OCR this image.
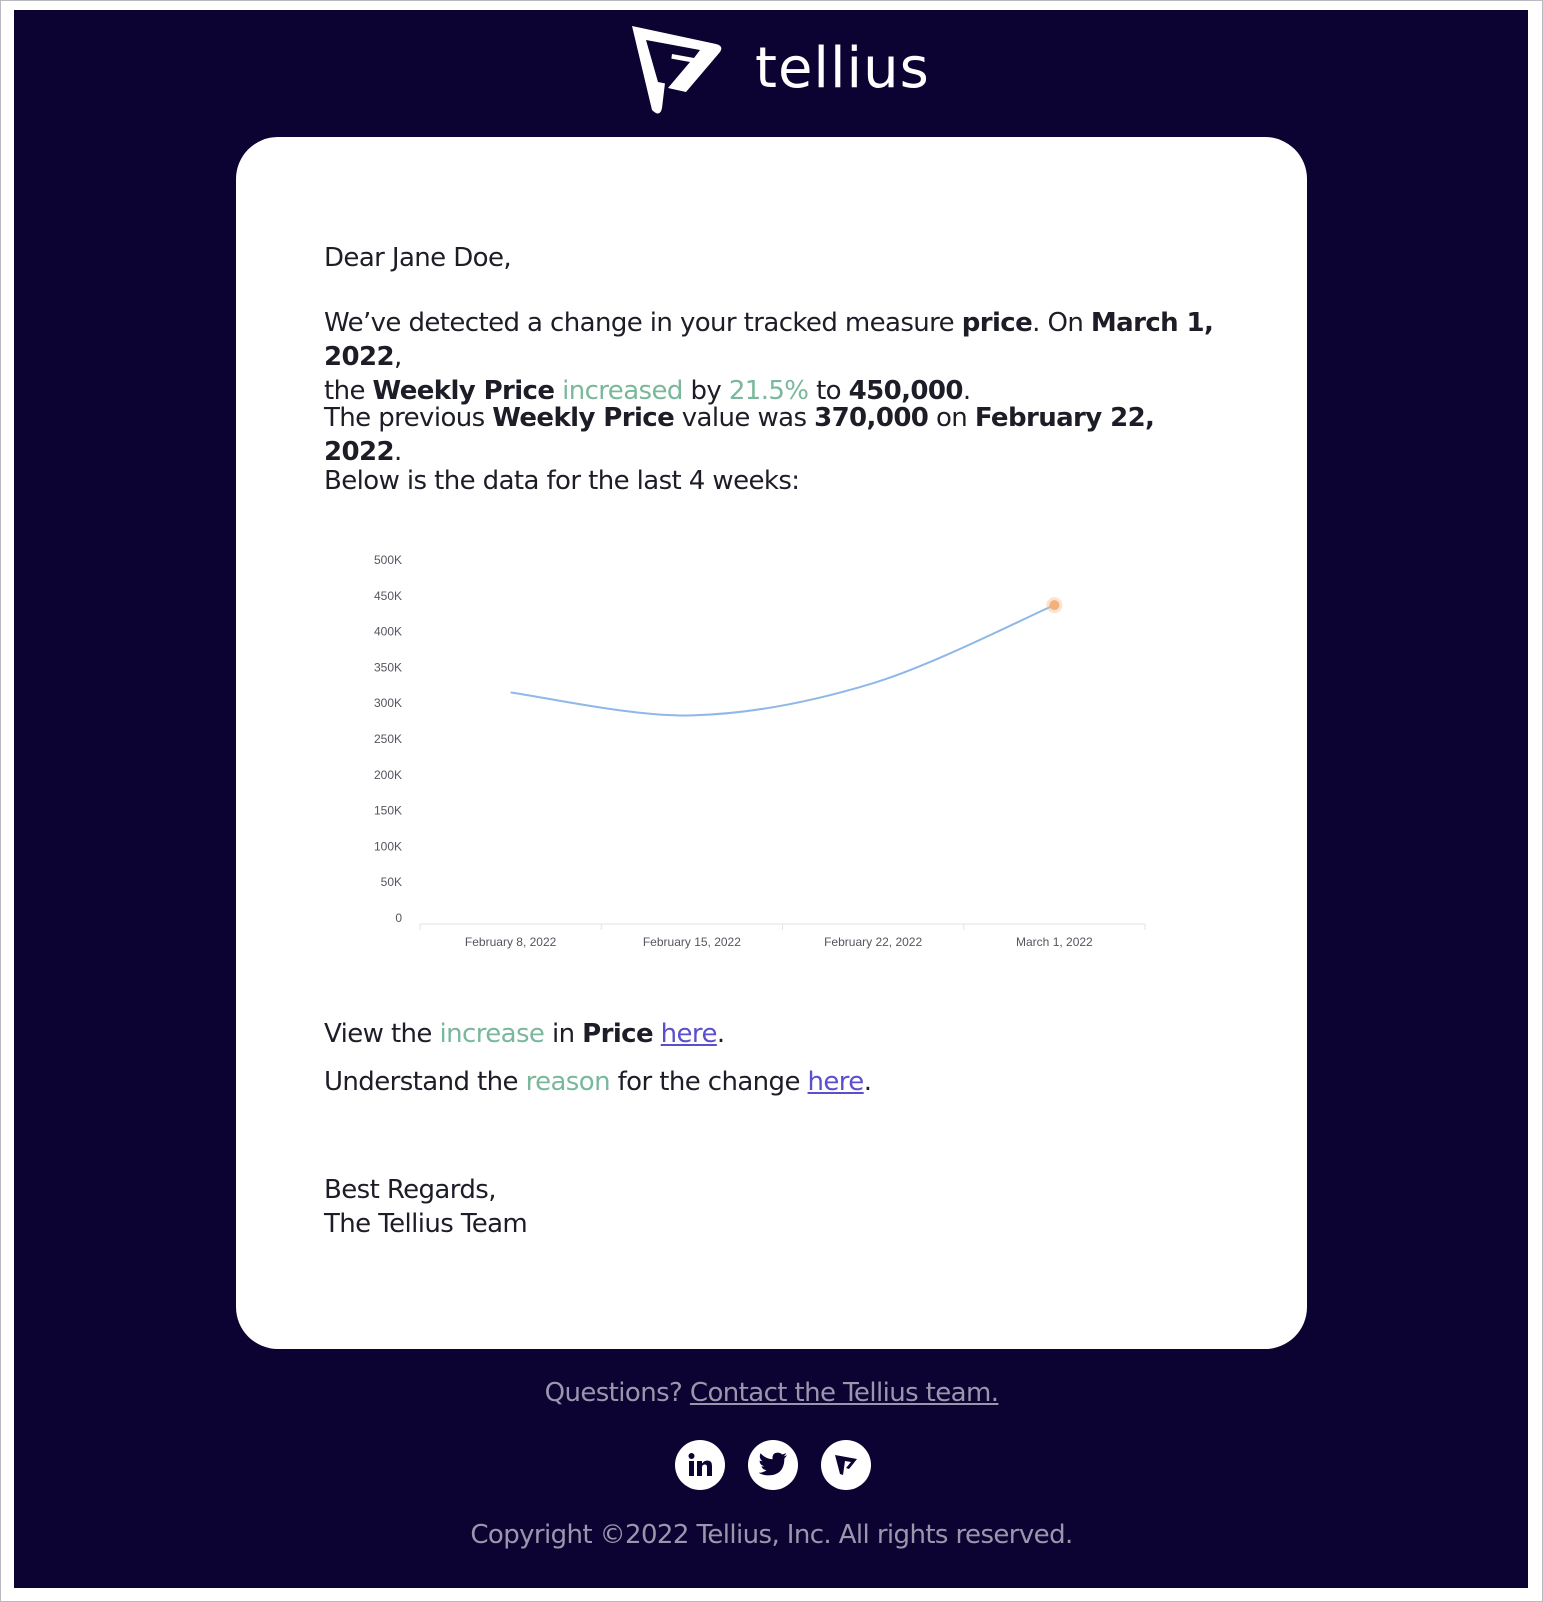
tellius
Dear Jane Doe,
We’ve detected a change in your tracked measure price. On March 1, 2022,
the Weekly Price increased by 21.5% to 450,000.
The previous Weekly Price value was 370,000 on February 22, 2022.
Below is the data for the last 4 weeks:
View the increase in Price here.
Understand the reason for the change here.
Best Regards,
The Tellius Team
0
50K
100K
150K
200K
250K
300K
350K
400K
450K
500K
February 8, 2022	February 15, 2022	February 22, 2022	March 1, 2022
Questions? Contact the Tellius team.
Copyright ©2022 Tellius, Inc. All rights reserved.
